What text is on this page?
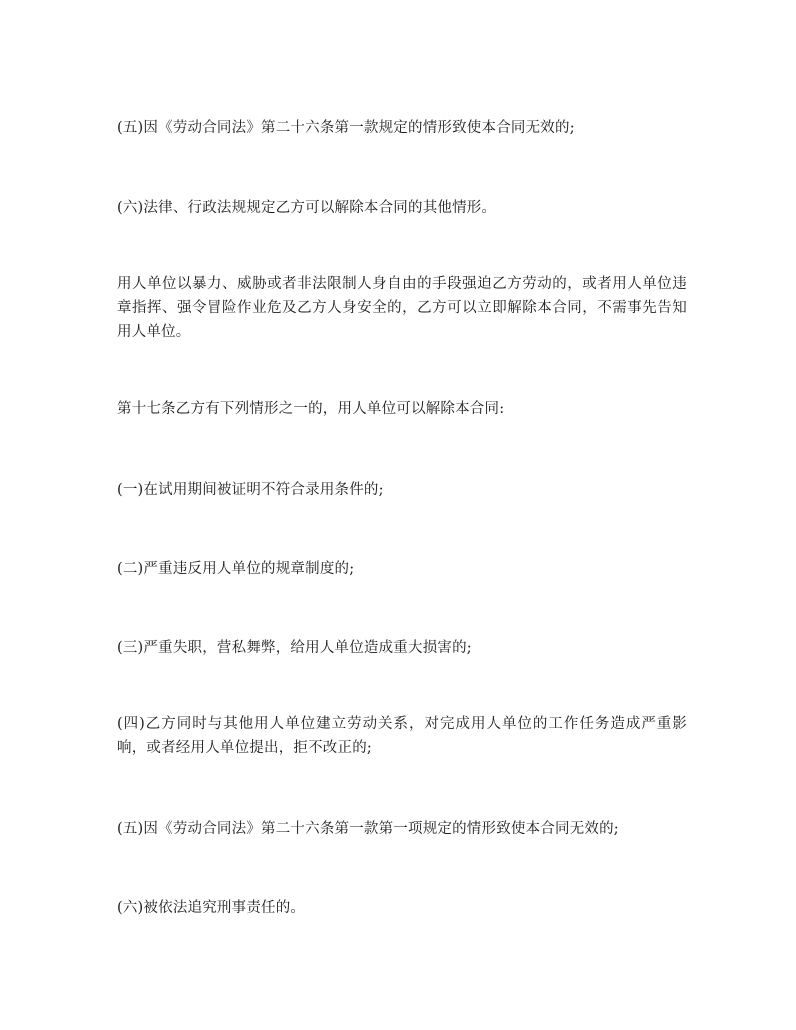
(五)因《劳动合同法》第二十六条第一款规定的情形致使本合同无效的;

(六)法律、行政法规规定乙方可以解除本合同的其他情形。

用人单位以暴力、威胁或者非法限制人身自由的手段强迫乙方劳动的，或者用人单位违章指挥、强令冒险作业危及乙方人身安全的，乙方可以立即解除本合同，不需事先告知用人单位。

第十七条乙方有下列情形之一的，用人单位可以解除本合同:

(一)在试用期间被证明不符合录用条件的;

(二)严重违反用人单位的规章制度的;

(三)严重失职，营私舞弊，给用人单位造成重大损害的;

(四)乙方同时与其他用人单位建立劳动关系，对完成用人单位的工作任务造成严重影响，或者经用人单位提出，拒不改正的;

(五)因《劳动合同法》第二十六条第一款第一项规定的情形致使本合同无效的;

(六)被依法追究刑事责任的。
